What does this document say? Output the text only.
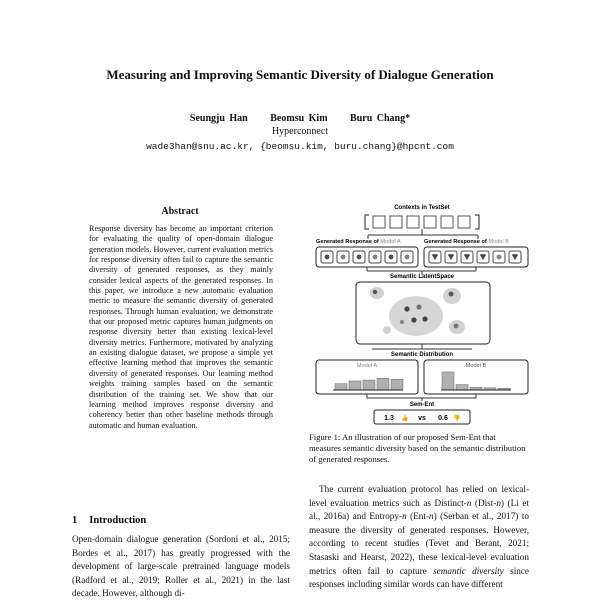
Measuring and Improving Semantic Diversity of Dialogue Generation
Seungju Han Beomsu Kim Buru Chang*
Hyperconnect
wade3han@snu.ac.kr, {beomsu.kim, buru.chang}@hpcnt.com
Abstract
Response diversity has become an important criterion for evaluating the quality of open-domain dialogue generation models. However, current evaluation metrics for response diversity often fail to capture the semantic diversity of generated responses, as they mainly consider lexical aspects of the generated responses. In this paper, we introduce a new automatic evaluation metric to measure the semantic diversity of generated responses. Through human evaluation, we demonstrate that our proposed metric captures human judgments on response diversity better than existing lexical-level diversity metrics. Furthermore, motivated by analyzing an existing dialogue dataset, we propose a simple yet effective learning method that improves the semantic diversity of generated responses. Our learning method weights training samples based on the semantic distribution of the training set. We show that our learning method improves response diversity and coherency better than other baseline methods through automatic and human evaluation.
1 Introduction
Open-domain dialogue generation (Sordoni et al., 2015; Bordes et al., 2017) has greatly progressed with the development of large-scale pretrained language models (Radford et al., 2019; Roller et al., 2021) in the last decade. However, although di-
Contexts in TestSet
Generated Response of Model A	Generated Response of Model B
Semantic LatentSpace
Semantic Distribution
Model A	Model B
Sem-Ent
1.3 👍 vs 0.6 👎
Figure 1: An illustration of our proposed Sem-Ent that measures semantic diversity based on the semantic distribution of generated responses.
The current evaluation protocol has relied on lexical-level evaluation metrics such as Distinct-n (Dist-n) (Li et al., 2016a) and Entropy-n (Ent-n) (Serban et al., 2017) to measure the diversity of generated responses. However, according to recent studies (Tevet and Berant, 2021; Stasaski and Hearst, 2022), these lexical-level evaluation metrics often fail to capture semantic diversity since responses including similar words can have different
